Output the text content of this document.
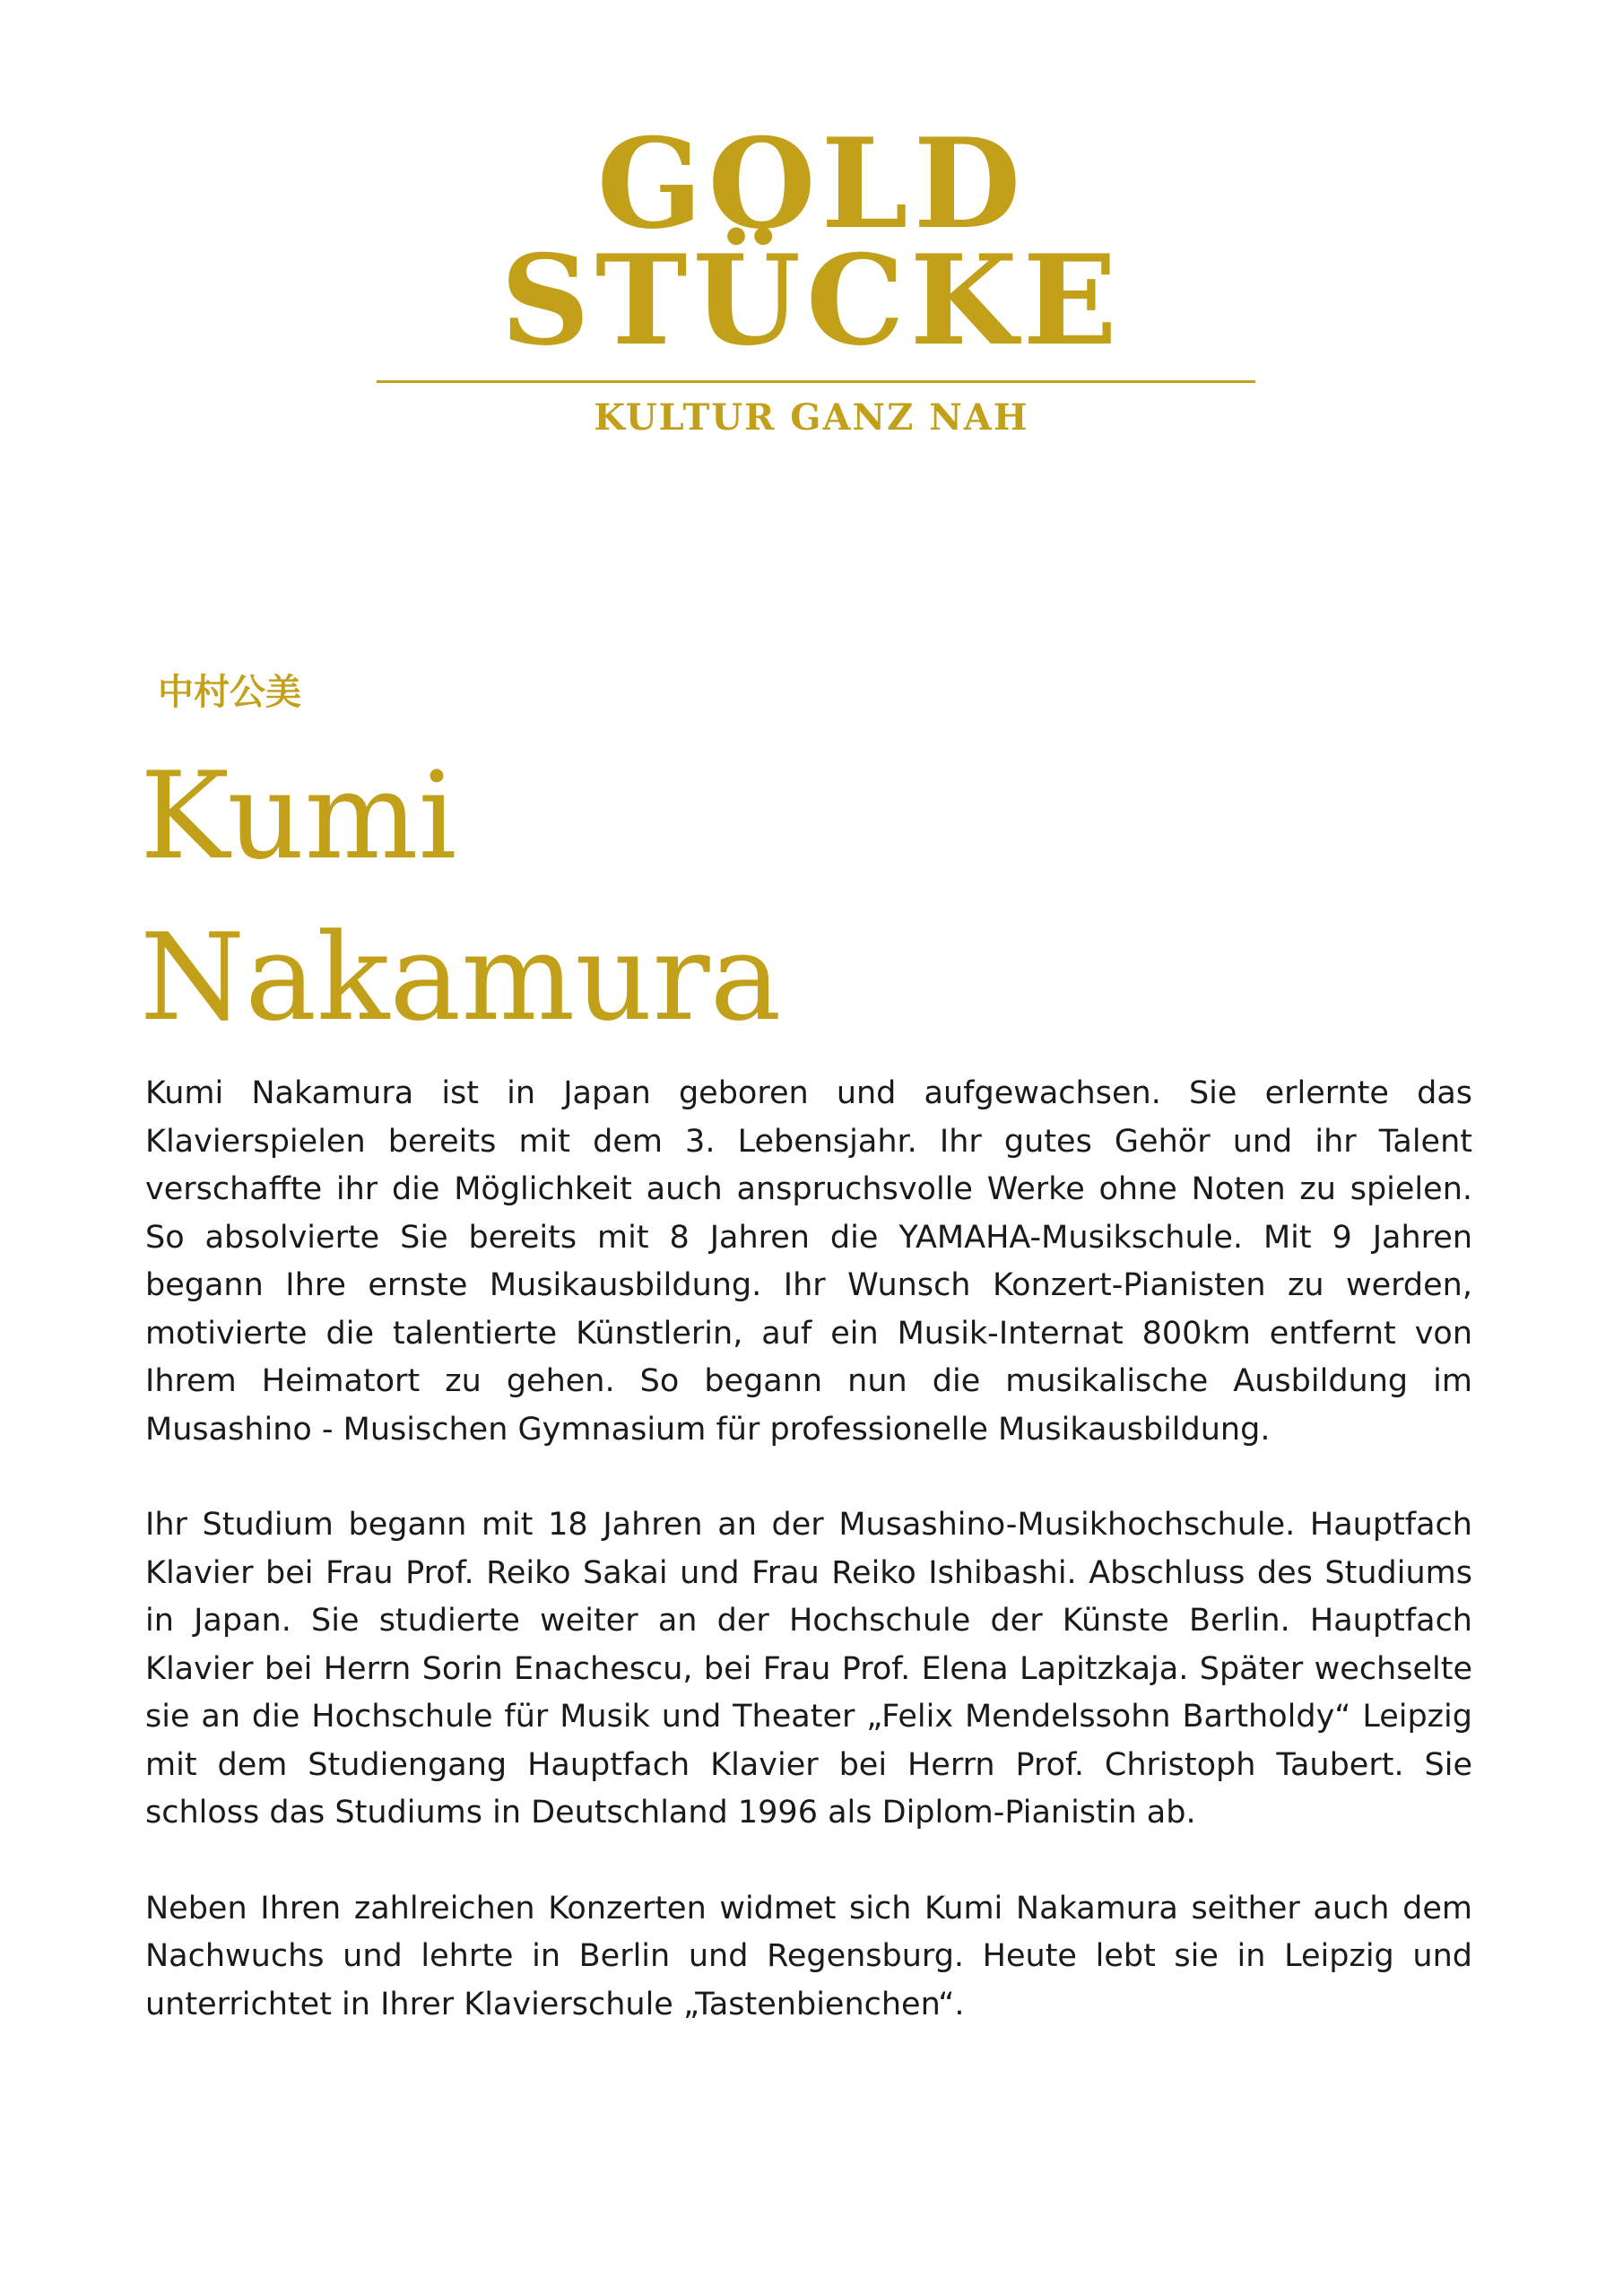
GOLD
STÜCKE
KULTUR GANZ NAH
中村公美
Kumi
Nakamura

Kumi Nakamura ist in Japan geboren und aufgewachsen. Sie erlernte das Klavierspielen bereits mit dem 3. Lebensjahr. Ihr gutes Gehör und ihr Talent verschaffte ihr die Möglichkeit auch anspruchsvolle Werke ohne Noten zu spielen. So absolvierte Sie bereits mit 8 Jahren die YAMAHA-Musikschule. Mit 9 Jahren begann Ihre ernste Musikausbildung. Ihr Wunsch Konzert-Pianisten zu werden, motivierte die talentierte Künstlerin, auf ein Musik-Internat 800km entfernt von Ihrem Heimatort zu gehen. So begann nun die musikalische Ausbildung im Musashino - Musischen Gymnasium für professionelle Musikausbildung.

Ihr Studium begann mit 18 Jahren an der Musashino-Musikhochschule. Hauptfach Klavier bei Frau Prof. Reiko Sakai und Frau Reiko Ishibashi. Abschluss des Studiums in Japan. Sie studierte weiter an der Hochschule der Künste Berlin. Hauptfach Klavier bei Herrn Sorin Enachescu, bei Frau Prof. Elena Lapitzkaja. Später wechselte sie an die Hochschule für Musik und Theater „Felix Mendelssohn Bartholdy“ Leipzig mit dem Studiengang Hauptfach Klavier bei Herrn Prof. Christoph Taubert. Sie schloss das Studiums in Deutschland 1996 als Diplom-Pianistin ab.

Neben Ihren zahlreichen Konzerten widmet sich Kumi Nakamura seither auch dem Nachwuchs und lehrte in Berlin und Regensburg. Heute lebt sie in Leipzig und unterrichtet in Ihrer Klavierschule „Tastenbienchen“.
